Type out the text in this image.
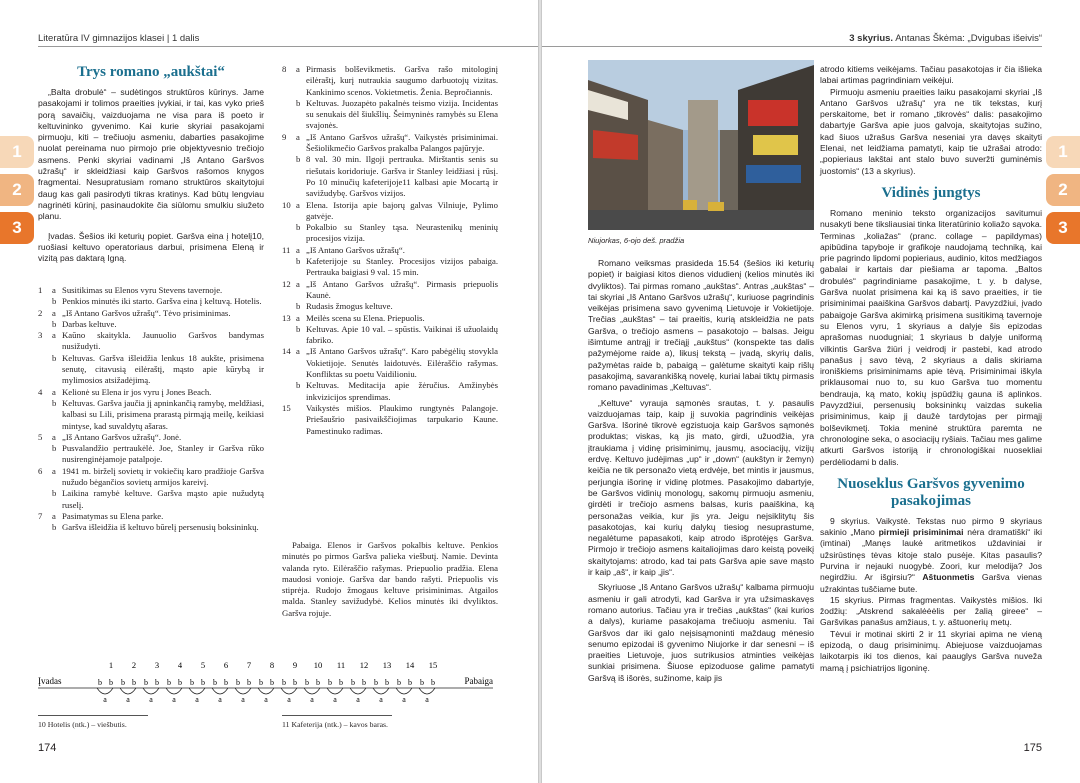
Literatūra IV gimnazijos klasei | 1 dalis
1
2
3
Trys romano „aukštai“

„Balta drobulė“ – sudėtingos struktūros kūrinys. Jame pasakojami ir tolimos praeities įvykiai, ir tai, kas vyko prieš porą savaičių, vaizduojama ne visa para iš poeto ir keltuvininko gyvenimo. Kai kurie skyriai pasakojami pirmuoju, kiti – trečiuoju asmeniu, dabarties pasakojime nuolat pereinama nuo pirmojo prie objektyvesnio trečiojo asmens. Penki skyriai vadinami „Iš Antano Garšvos užrašų“ ir skleidžiasi kaip Garšvos rašomos knygos fragmentai. Nesupratusiam romano struktūros skaitytojui daug kas gali pasirodyti tikras kratinys. Kad būtų lengviau nagrinėti kūrinį, pasinaudokite čia siūlomu smulkiu siužeto planu.

Įvadas. Šešios iki keturių popiet. Garšva eina į hotelį10, ruošiasi keltuvo operatoriaus darbui, prisimena Eleną ir vizitą pas daktarą Igną.

1	a Susitikimas su Elenos vyru Stevens tavernoje.
b Penkios minutės iki starto. Garšva eina į keltuvą. Hotelis.
2	a „Iš Antano Garšvos užrašų“. Tėvo prisiminimas.
b Darbas keltuve.
3	a Kaūno skaitykla. Jaunuolio Garšvos bandymas nusižudyti.
b Keltuvas. Garšva išleidžia lenkus 18 aukšte, prisimena senutę, citavusią eilėraštį, mąsto apie kūrybą ir mylimosios atsižadėjimą.
4	a Kelionė su Elena ir jos vyru į Jones Beach.
b Keltuvas. Garšva jaučia jį apninkančią ramybę, meldžiasi, kalbasi su Lili, prisimena prarastą pirmąją meilę, keikiasi mintyse, kad suvaldytų ašaras.
5	a „Iš Antano Garšvos užrašų“. Jonė.
b Pusvalandžio pertraukėlė. Joe, Stanley ir Garšva rūko nusirenginėjamoje patalpoje.
6	a 1941 m. birželį sovietų ir vokiečių karo pradžioje Garšva nužudo bėgančios sovietų armijos kareivį.
b Laikina ramybė keltuve. Garšva mąsto apie nužudytą ruselį.
7	a Pasimatymas su Elena parke.
b Garšva išleidžia iš keltuvo būrelį persenusių boksininkų.
8	a Pirmasis bolševikmetis. Garšva rašo mitologinį eilėraštį, kurį nutraukia saugumo darbuotojų vizitas. Kankinimo scenos. Vokietmetis. Ženia. Bepročiannis.
b Keltuvas. Juozapėto pakalnės teismo vizija. Incidentas su senukais dėl šiukšlių. Šeimyninės ramybės su Elena svajonės.
9	a „Iš Antano Garšvos užrašų“. Vaikystės prisiminimai. Šešiolikmečio Garšvos prakalba Palangos pajūryje.
b 8 val. 30 min. Ilgoji pertrauka. Mirštantis senis su riešutais koridoriuje. Garšva ir Stanley leidžiasi į rūsį. Po 10 minučių kafeterijoje11 kalbasi apie Mocartą ir savižudybę. Garšvos vizijos.
10 a Elena. Istorija apie bajorų galvas Vilniuje, Pylimo gatvėje.
b Pokalbio su Stanley tąsa. Neurastenikų meninių procesijos vizija.
11 a „Iš Antano Garšvos užrašų“.
b Kafeterijoje su Stanley. Procesijos vizijos pabaiga. Pertrauka baigiasi 9 val. 15 min.
12 a „Iš Antano Garšvos užrašų“. Pirmasis priepuolis Kaunė.
b Rudasis žmogus keltuve.
13 a Meilės scena su Elena. Priepuolis.
b Keltuvas. Apie 10 val. – spūstis. Vaikinai iš užuolaidų fabriko.
14 a „Iš Antano Garšvos užrašų“. Karo pabėgėlių stovykla Vokietijoje. Senutės laidotuvės. Eilėraščio rašymas. Konfliktas su poetu Vaidilioniu.
b Keltuvas. Meditacija apie žėručius. Amžinybės inkvizicijos sprendimas.
15	Vaikystės mišios. Plaukimo rungtynės Palangoje. Priešaušrio pasivaikščiojimas tarpukario Kaune. Pamestinuko radimas.
Pabaiga. Elenos ir Garšvos pokalbis keltuve. Penkios minutės po pirmos Garšva palieka viešbutį. Namie. Devinta valanda ryto. Eilėraščio rašymas. Priepuolio pradžia. Elena maudosi vonioje. Garšva dar bando rašyti. Priepuolis vis stiprėja. Rudojo žmogaus keltuve prisiminimas. Atgailos malda. Stanley savižudybė. Kelios minutės iki dvyliktos. Garšva rojuje.
Įvadas	Pabaiga
1
b b
a
2
b b
a
3
b b
a
4
b b
a
5
b b
a
6
b b
a
7
b b
a
8
b b
a
9
b b
a
10
b b
a
11
b b
a
12
b b
a
13
b b
a
14
b b
a
15
b b
a
10 Hotelis (ntk.) – viešbutis.	11 Kafeterija (ntk.) – kavos baras.
174
3 skyrius. Antanas Škėma: „Dvigubas išeivis“
1
2
3
175
Niujorkas, 6-ojo deš. pradžia

Romano veiksmas prasideda 15.54 (šešios iki keturių popiet) ir baigiasi kitos dienos vidudienį (kelios minutės iki dvyliktos). Tai pirmas romano „aukštas“. Antras „aukštas“ – tai skyriai „Iš Antano Garšvos užrašų“, kuriuose pagrindinis veikėjas prisimena savo gyvenimą Lietuvoje ir Vokietijoje. Trečias „aukštas“ – tai praeitis, kurią atskleidžia ne pats Garšva, o trečiojo asmens – pasakotojo – balsas. Jeigu išimtume antrąjį ir trečiąjį „aukštus“ (konspekte tas dalis pažymėjome raide a), likusį tekstą – įvadą, skyrių dalis, pažymėtas raide b, pabaigą – galėtume skaityti kaip rišlų pasakojimą, savarankišką novelę, kuriai labai tiktų pirmasis romano pavadinimas „Keltuvas“.

„Keltuve“ vyrauja sąmonės srautas, t. y. pasaulis vaizduojamas taip, kaip jį suvokia pagrindinis veikėjas Garšva. Išorinė tikrovė egzistuoja kaip Garšvos sąmonės produktas; viskas, ką jis mato, girdi, užuodžia, yra įtraukiama į vidinę prisiminimų, jausmų, asociacijų, vizijų erdvę. Keltuvo judėjimas „up“ ir „down“ (aukštyn ir žemyn) keičia ne tik personažo vietą erdvėje, bet mintis ir jausmus, perjungia išorinę ir vidinę plotmes. Pasakojimo dabartyje, be Garšvos vidinių monologų, sakomų pirmuoju asmeniu, girdėti ir trečiojo asmens balsas, kuris paaiškina, ką personažas veikia, kur jis yra. Jeigu nejsiklitytų šis pasakotojas, kai kurių dalykų tiesiog nesuprastume, negalėtume papasakoti, kaip atrodo išprotėjęs Garšva. Pirmojo ir trečiojo asmens kaitaliojimas daro keistą poveikį skaitytojams: atrodo, kad tai pats Garšva apie save mąsto ir kaip „aš“, ir kaip „jis“.

Skyriuose „Iš Antano Garšvos užrašų“ kalbama pirmuoju asmeniu ir gali atrodyti, kad Garšva ir yra užsimaskavęs romano autorius. Tačiau yra ir trečias „aukštas“ (kai kurios a dalys), kuriame pasakojama trečiuoju asmeniu. Tai Garšvos dar iki galo neįsisąmoninti maždaug mėnesio senumo epizodai iš gyvenimo Niujorke ir dar senesni – iš praeities Lietuvoje, juos sutrikusios atminties veikėjas sunkiai prisimena. Šiuose epizoduose galime pamatyti Garšvą iš išorės, sužinome, kaip jis

atrodo kitiems veikėjams. Tačiau pasakotojas ir čia išlieka labai artimas pagrindiniam veikėjui.

Pirmuoju asmeniu praeities laiku pasakojami skyriai „Iš Antano Garšvos užrašų“ yra ne tik tekstas, kurį perskaitome, bet ir romano „tikrovės“ dalis: pasakojimo dabartyje Garšva apie juos galvoja, skaitytojas sužino, kad šiuos užrašus Garšva neseniai yra davęs skaityti Elenai, net leidžiama pamatyti, kaip tie užrašai atrodo: „popieriaus lakštai ant stalo buvo suveržti guminėmis juostomis“ (13 a skyrius).

Vidinės jungtys

Romano meninio teksto organizacijos savitumui nusakyti bene tiksliausiai tinka literatūrinio koliažo sąvoka. Terminas „koliažas“ (pranc. collage – papildymas) apibūdina tapyboje ir grafikoje naudojamą techniką, kai prie pagrindo lipdomi popieriaus, audinio, kitos medžiagos gabalai ir kartais dar piešiama ar tapoma. „Baltos drobulės“ pagrindiniame pasakojime, t. y. b dalyse, Garšva nuolat prisimena kai ką iš savo praeities, ir tie prisiminimai paaiškina Garšvos dabartį. Pavyzdžiui, įvado pabaigoje Garšva akimirką prisimena susitikimą tavernoje su Elenos vyru, 1 skyriaus a dalyje šis epizodas aprašomas nuodugniai; 1 skyriaus b dalyje uniformą vilkintis Garšva žiūri į veidrodį ir pastebi, kad atrodo panašus į savo tėvą, 2 skyriaus a dalis skiriama ironiškiems prisiminimams apie tėvą. Prisiminimai iškyla priklausomai nuo to, su kuo Garšva tuo momentu bendrauja, ką mato, kokių įspūdžių gauna iš aplinkos. Pavyzdžiui, persenusių boksininkų vaizdas sukelia prisiminimus, kaip jį daužė tardytojas per pirmąjį bolševikmetį. Tokia meninė struktūra paremta ne chronologine seka, o asociacijų ryšiais. Tačiau mes galime atkurti Garšvos istoriją ir chronologiškai nuosekliai perdėliodami b dalis.

Nuoseklus Garšvos gyvenimo
pasakojimas

9 skyrius. Vaikystė. Tekstas nuo pirmo 9 skyriaus sakinio „Mano pirmieji prisiminimai nėra dramatiški“ iki (imtinai) „Manęs laukė aritmetikos uždaviniai ir užsirūstinęs tėvas kitoje stalo pusėje. Kitas pasaulis? Purvina ir nejauki nuogybė. Zoori, kur melodija? Jos negirdžiu. Ar išgirsiu?“ Aštuonmetis Garšva vienas užrakintas tuščiame bute.

15 skyrius. Pirmas fragmentas. Vaikystės mišios. Iki žodžių: „Atskrend sakalėėėlis per žalią gireee“ – Garšvikas panašus amžiaus, t. y. aštuonerių metų.

Tėvui ir motinai skirti 2 ir 11 skyriai apima ne vieną epizodą, o daug prisiminimų. Abiejuose vaizduojamas laikotarpis iki tos dienos, kai paauglys Garšva nuveža mamą į psichiatrijos ligoninę.
